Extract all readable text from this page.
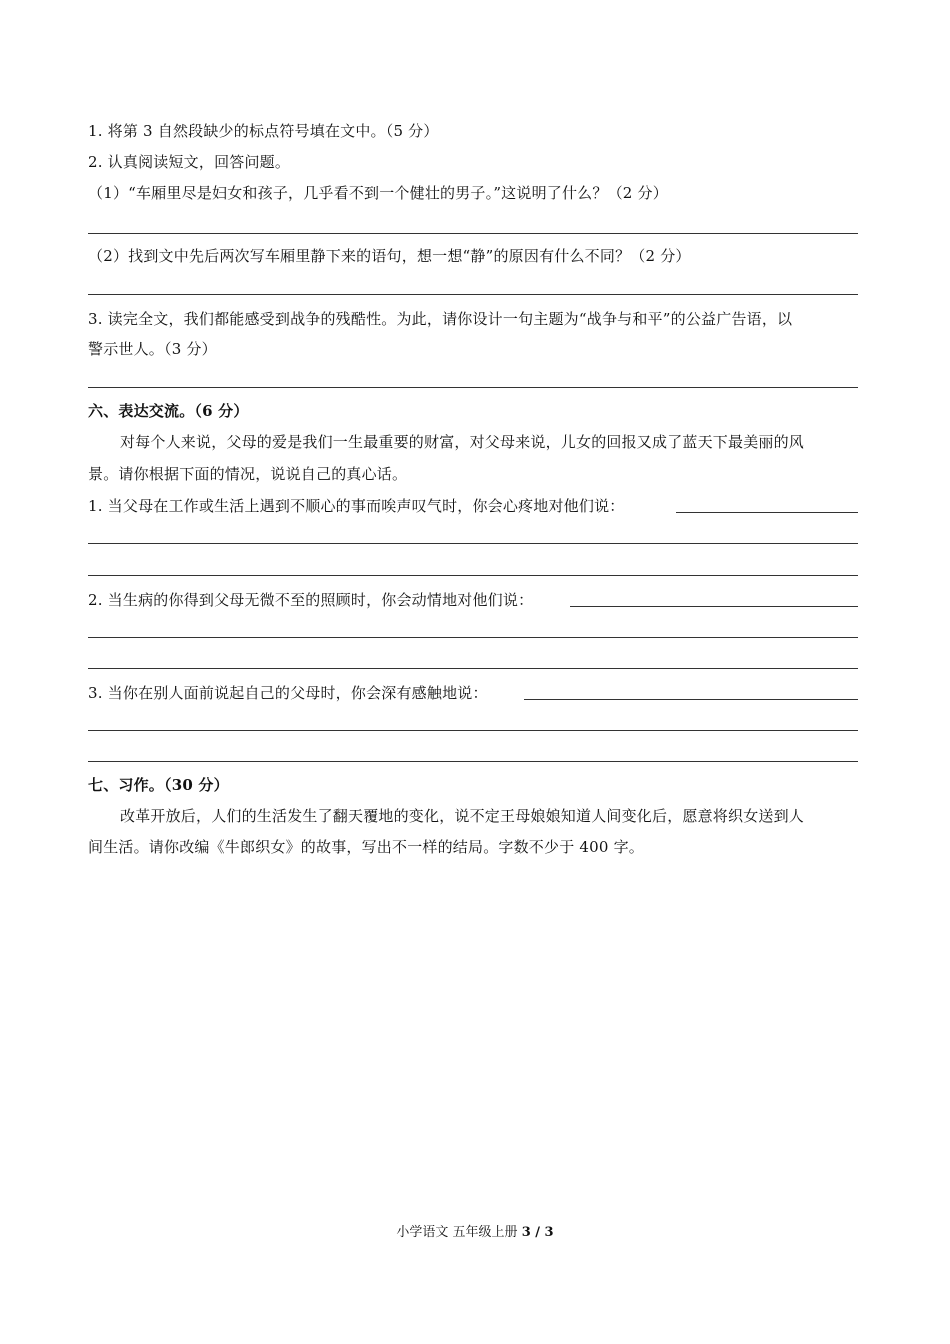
1. 将第 3 自然段缺少的标点符号填在文中。（5 分）
2. 认真阅读短文，回答问题。
（1）“车厢里尽是妇女和孩子，几乎看不到一个健壮的男子。”这说明了什么？（2 分）
（2）找到文中先后两次写车厢里静下来的语句，想一想“静”的原因有什么不同？（2 分）
3. 读完全文，我们都能感受到战争的残酷性。为此，请你设计一句主题为“战争与和平”的公益广告语，以
警示世人。（3 分）
六、表达交流。（6 分）
对每个人来说，父母的爱是我们一生最重要的财富，对父母来说，儿女的回报又成了蓝天下最美丽的风
景。请你根据下面的情况，说说自己的真心话。
1. 当父母在工作或生活上遇到不顺心的事而唉声叹气时，你会心疼地对他们说：
2. 当生病的你得到父母无微不至的照顾时，你会动情地对他们说：
3. 当你在别人面前说起自己的父母时，你会深有感触地说：
七、习作。（30 分）
改革开放后，人们的生活发生了翻天覆地的变化，说不定王母娘娘知道人间变化后，愿意将织女送到人
间生活。请你改编《牛郎织女》的故事，写出不一样的结局。字数不少于 400 字。
小学语文 五年级上册 3 / 3
